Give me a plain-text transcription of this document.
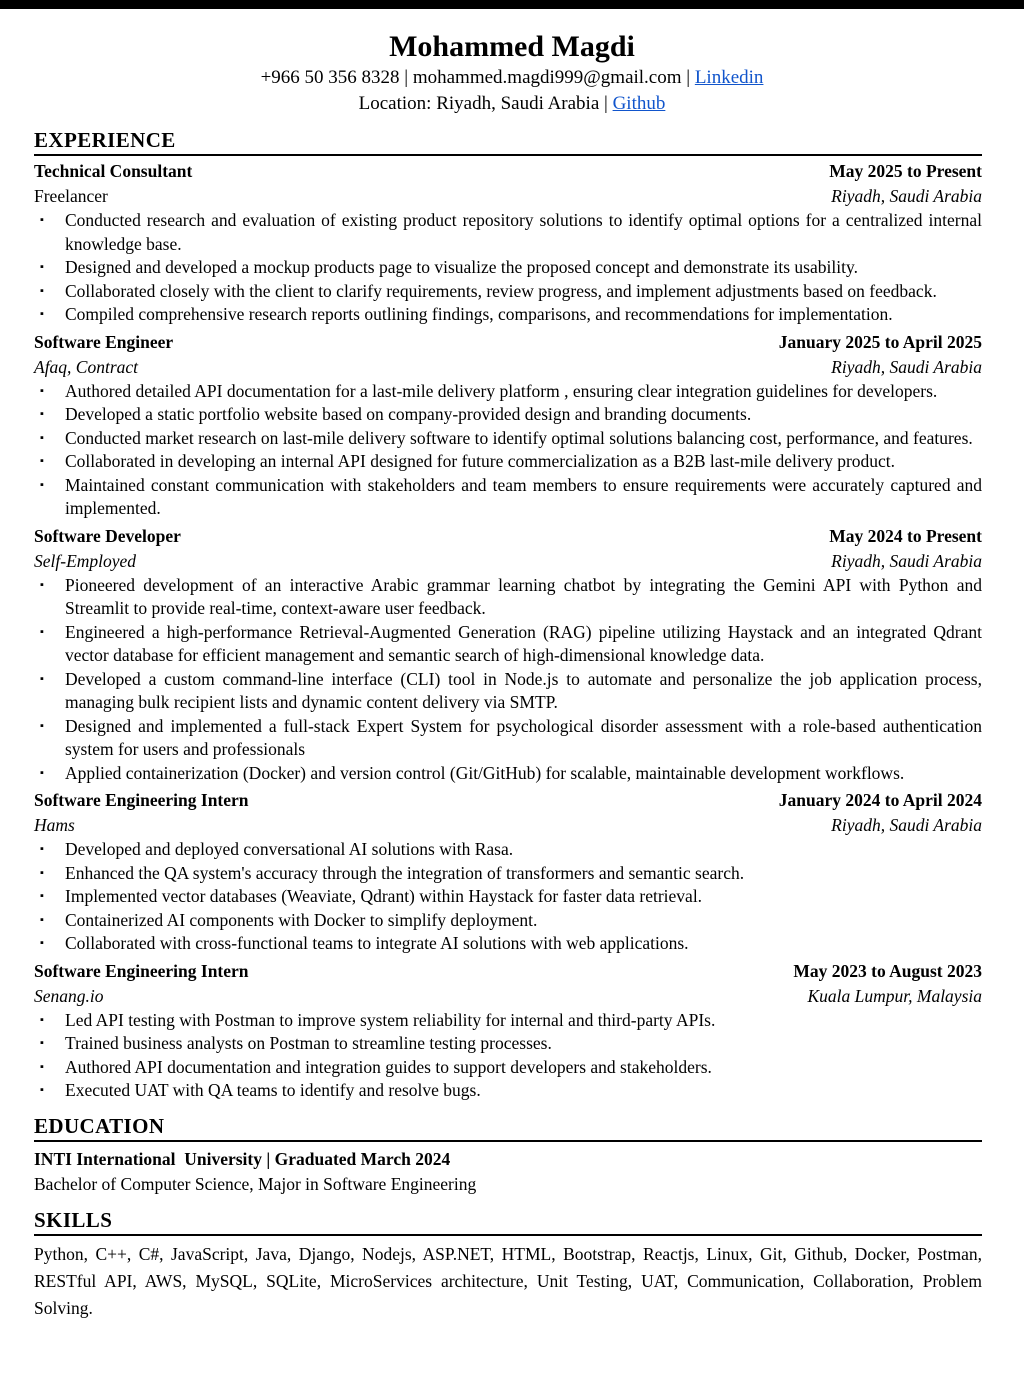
Mohammed Magdi

+966 50 356 8328 | mohammed.magdi999@gmail.com | Linkedin

Location: Riyadh, Saudi Arabia | Github

EXPERIENCE
Technical Consultant	May 2025 to Present
Freelancer	Riyadh, Saudi Arabia
▪ Conducted research and evaluation of existing product repository solutions to identify optimal options for a centralized internal knowledge base.
▪ Designed and developed a mockup products page to visualize the proposed concept and demonstrate its usability.
▪ Collaborated closely with the client to clarify requirements, review progress, and implement adjustments based on feedback.
▪ Compiled comprehensive research reports outlining findings, comparisons, and recommendations for implementation.
Software Engineer	January 2025 to April 2025
Afaq, Contract	Riyadh, Saudi Arabia
▪ Authored detailed API documentation for a last-mile delivery platform , ensuring clear integration guidelines for developers.
▪ Developed a static portfolio website based on company-provided design and branding documents.
▪ Conducted market research on last-mile delivery software to identify optimal solutions balancing cost, performance, and features.
▪ Collaborated in developing an internal API designed for future commercialization as a B2B last-mile delivery product.
▪ Maintained constant communication with stakeholders and team members to ensure requirements were accurately captured and implemented.
Software Developer	May 2024 to Present
Self-Employed	Riyadh, Saudi Arabia
▪ Pioneered development of an interactive Arabic grammar learning chatbot by integrating the Gemini API with Python and Streamlit to provide real-time, context-aware user feedback.
▪ Engineered a high-performance Retrieval-Augmented Generation (RAG) pipeline utilizing Haystack and an integrated Qdrant vector database for efficient management and semantic search of high-dimensional knowledge data.
▪ Developed a custom command-line interface (CLI) tool in Node.js to automate and personalize the job application process, managing bulk recipient lists and dynamic content delivery via SMTP.
▪ Designed and implemented a full-stack Expert System for psychological disorder assessment with a role-based authentication system for users and professionals
▪ Applied containerization (Docker) and version control (Git/GitHub) for scalable, maintainable development workflows.
Software Engineering Intern	January 2024 to April 2024
Hams	Riyadh, Saudi Arabia
▪ Developed and deployed conversational AI solutions with Rasa.
▪ Enhanced the QA system's accuracy through the integration of transformers and semantic search.
▪ Implemented vector databases (Weaviate, Qdrant) within Haystack for faster data retrieval.
▪ Containerized AI components with Docker to simplify deployment.
▪ Collaborated with cross-functional teams to integrate AI solutions with web applications.
Software Engineering Intern	May 2023 to August 2023
Senang.io	Kuala Lumpur, Malaysia
▪ Led API testing with Postman to improve system reliability for internal and third-party APIs.
▪ Trained business analysts on Postman to streamline testing processes.
▪ Authored API documentation and integration guides to support developers and stakeholders.
▪ Executed UAT with QA teams to identify and resolve bugs.
EDUCATION
INTI International  University | Graduated March 2024
Bachelor of Computer Science, Major in Software Engineering
SKILLS
Python, C++, C#, JavaScript, Java, Django, Nodejs, ASP.NET, HTML, Bootstrap, Reactjs, Linux, Git, Github, Docker, Postman, RESTful API, AWS, MySQL, SQLite, MicroServices architecture, Unit Testing, UAT, Communication, Collaboration, Problem Solving.
